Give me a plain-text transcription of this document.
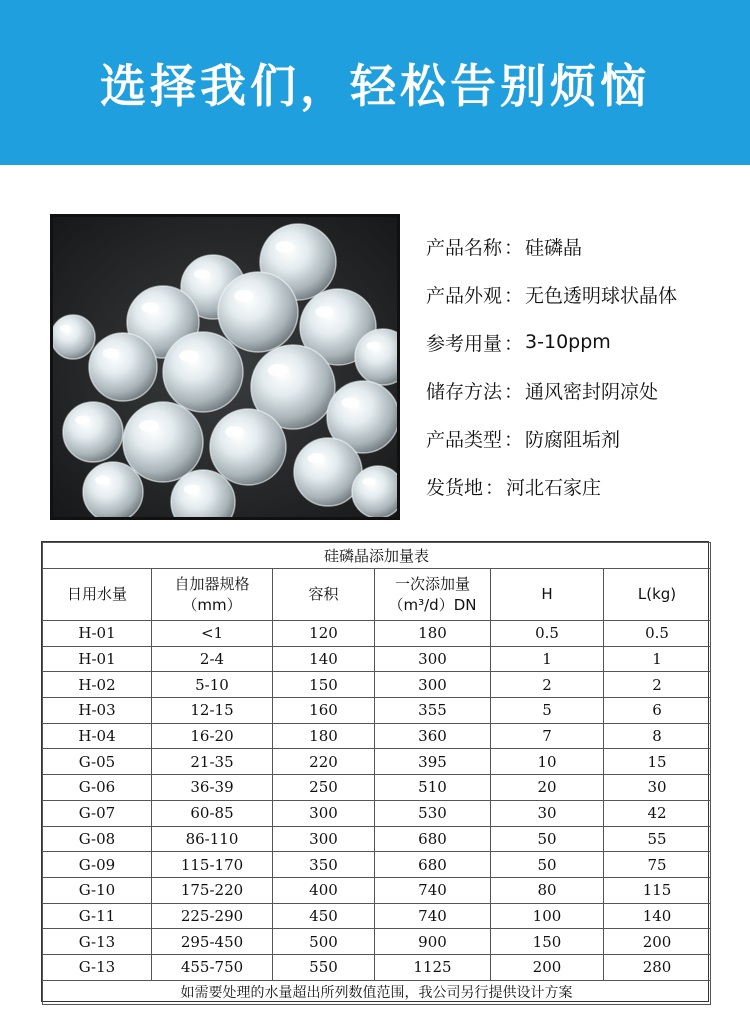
选择我们，轻松告别烦恼
产品名称 ： 硅磷晶
产品外观 ： 无色透明球状晶体
参考用量 ： 3-10ppm
储存方法 ： 通风密封阴凉处
产品类型 ： 防腐阻垢剂
发货地 ： 河北石家庄
硅磷晶添加量表					
日用水量	自加器规格（mm）	容积	一次添加量（m³/d）DN	H	L(kg)
H-01	<1	120	180	0.5	0.5
H-01	2-4	140	300	1	1
H-02	5-10	150	300	2	2
H-03	12-15	160	355	5	6
H-04	16-20	180	360	7	8
G-05	21-35	220	395	10	15
G-06	36-39	250	510	20	30
G-07	60-85	300	530	30	42
G-08	86-110	300	680	50	55
G-09	115-170	350	680	50	75
G-10	175-220	400	740	80	115
G-11	225-290	450	740	100	140
G-13	295-450	500	900	150	200
G-13	455-750	550	1125	200	280
如需要处理的水量超出所列数值范围，我公司另行提供设计方案					
